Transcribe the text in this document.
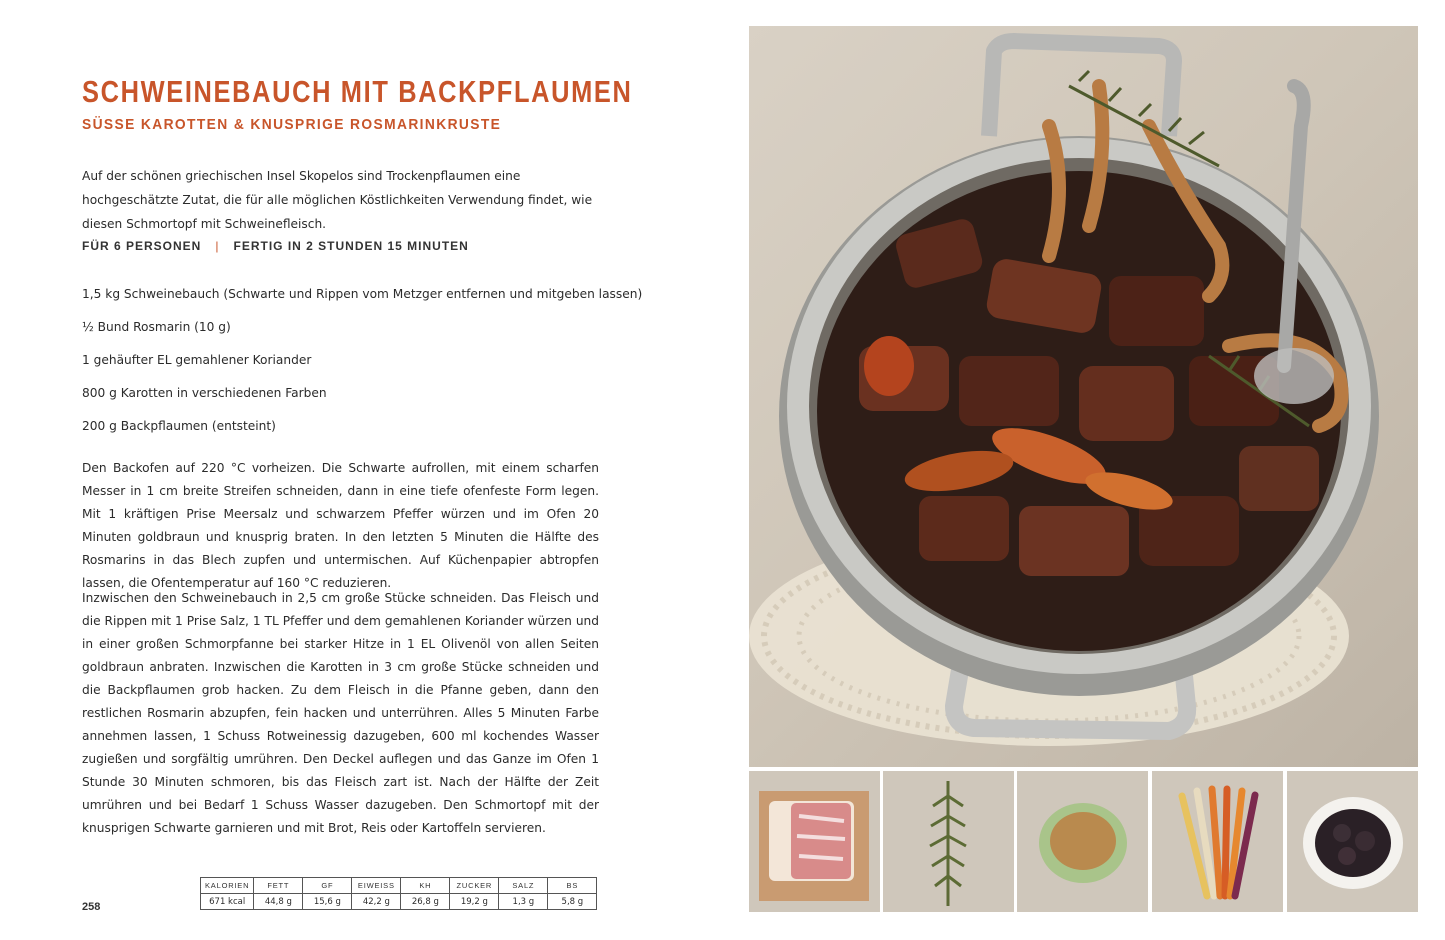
SCHWEINEBAUCH MIT BACKPFLAUMEN
SÜSSE KAROTTEN & KNUSPRIGE ROSMARINKRUSTE
Auf der schönen griechischen Insel Skopelos sind Trockenpflaumen eine hochgeschätzte Zutat, die für alle möglichen Köstlichkeiten Verwendung findet, wie diesen Schmortopf mit Schweinefleisch.
FÜR 6 PERSONEN | FERTIG IN 2 STUNDEN 15 MINUTEN
1,5 kg Schweinebauch (Schwarte und Rippen vom Metzger entfernen und mitgeben lassen)
½ Bund Rosmarin (10 g)
1 gehäufter EL gemahlener Koriander
800 g Karotten in verschiedenen Farben
200 g Backpflaumen (entsteint)
Den Backofen auf 220 °C vorheizen. Die Schwarte aufrollen, mit einem scharfen Messer in 1 cm breite Streifen schneiden, dann in eine tiefe ofenfeste Form legen. Mit 1 kräftigen Prise Meersalz und schwarzem Pfeffer würzen und im Ofen 20 Minuten goldbraun und knusprig braten. In den letzten 5 Minuten die Hälfte des Rosmarins in das Blech zupfen und untermischen. Auf Küchenpapier abtropfen lassen, die Ofentemperatur auf 160 °C reduzieren.
Inzwischen den Schweinebauch in 2,5 cm große Stücke schneiden. Das Fleisch und die Rippen mit 1 Prise Salz, 1 TL Pfeffer und dem gemahlenen Koriander würzen und in einer großen Schmorpfanne bei starker Hitze in 1 EL Olivenöl von allen Seiten goldbraun anbraten. Inzwischen die Karotten in 3 cm große Stücke schneiden und die Backpflaumen grob hacken. Zu dem Fleisch in die Pfanne geben, dann den restlichen Rosmarin abzupfen, fein hacken und unterrühren. Alles 5 Minuten Farbe annehmen lassen, 1 Schuss Rotweinessig dazugeben, 600 ml kochendes Wasser zugießen und sorgfältig umrühren. Den Deckel auflegen und das Ganze im Ofen 1 Stunde 30 Minuten schmoren, bis das Fleisch zart ist. Nach der Hälfte der Zeit umrühren und bei Bedarf 1 Schuss Wasser dazugeben. Den Schmortopf mit der knusprigen Schwarte garnieren und mit Brot, Reis oder Kartoffeln servieren.
258
KALORIEN	FETT	GF	EIWEISS	KH	ZUCKER	SALZ	BS
671 kcal	44,8 g	15,6 g	42,2 g	26,8 g	19,2 g	1,3 g	5,8 g
